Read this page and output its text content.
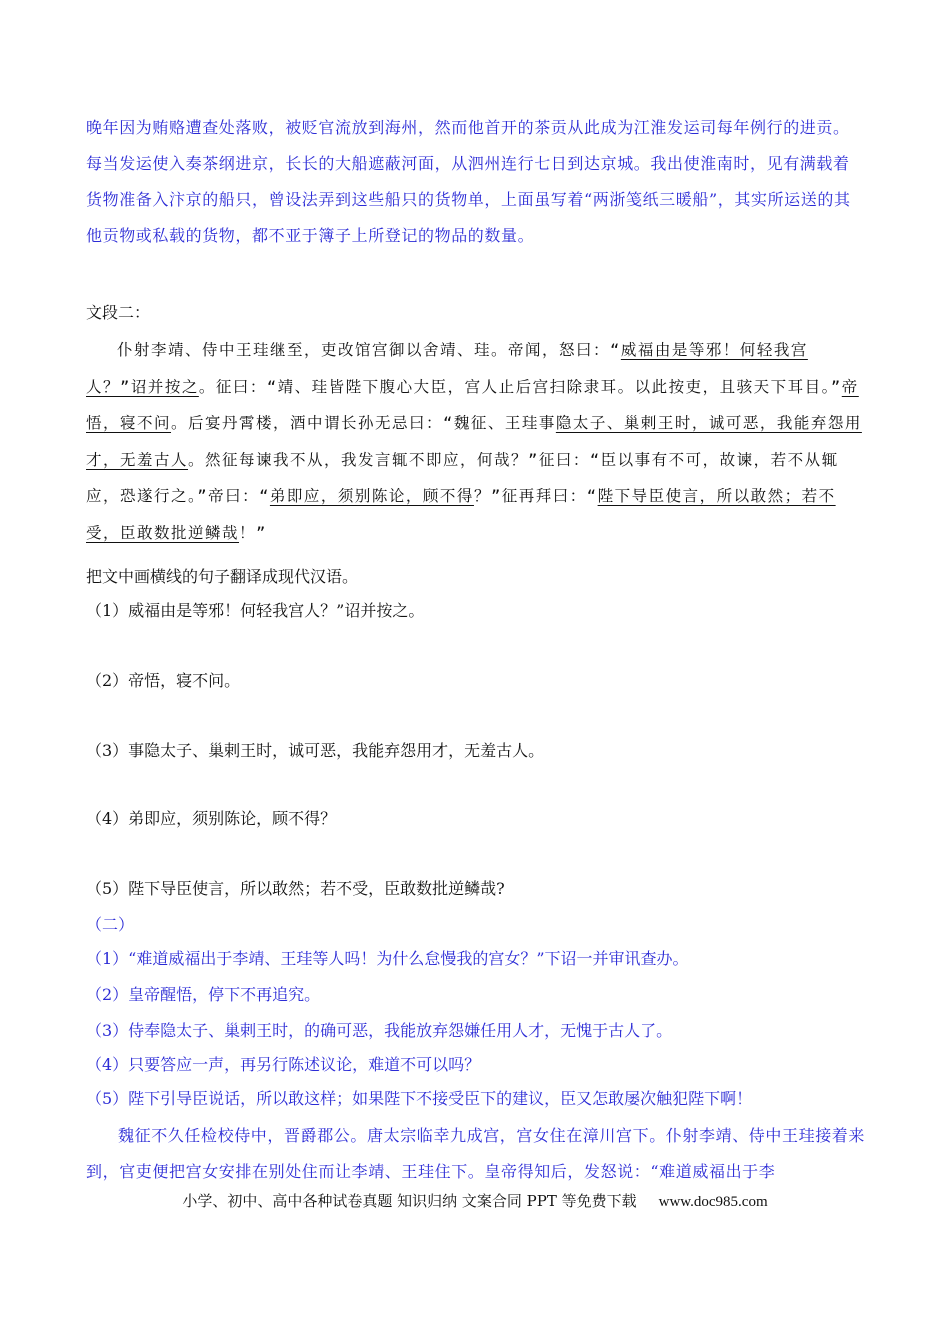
晚年因为贿赂遭查处落败，被贬官流放到海州，然而他首开的茶贡从此成为江淮发运司每年例行的进贡。每当发运使入奏茶纲进京，长长的大船遮蔽河面，从泗州连行七日到达京城。我出使淮南时，见有满载着货物准备入汴京的船只，曾设法弄到这些船只的货物单，上面虽写着“两浙笺纸三暖船”，其实所运送的其他贡物或私载的货物，都不亚于簿子上所登记的物品的数量。
文段二：
仆射李靖、侍中王珪继至，吏改馆宫御以舍靖、珪。帝闻，怒曰：“威福由是等邪！何轻我宫人？”诏并按之。征曰：“靖、珪皆陛下腹心大臣，宫人止后宫扫除隶耳。以此按吏，且骇天下耳目。”帝悟，寝不问。后宴丹霄楼，酒中谓长孙无忌曰：“魏征、王珪事隐太子、巢剌王时，诚可恶，我能弃怨用才，无羞古人。然征每谏我不从，我发言辄不即应，何哉？”征曰：“臣以事有不可，故谏，若不从辄应，恐遂行之。”帝曰：“弟即应，须别陈论，顾不得？”征再拜曰：“陛下导臣使言，所以敢然；若不受，臣敢数批逆鳞哉！”
把文中画横线的句子翻译成现代汉语。
（1）威福由是等邪！何轻我宫人？”诏并按之。
（2）帝悟，寝不问。
（3）事隐太子、巢剌王时，诚可恶，我能弃怨用才，无羞古人。
（4）弟即应，须别陈论，顾不得？
（5）陛下导臣使言，所以敢然；若不受，臣敢数批逆鳞哉?
（二）
（1）“难道威福出于李靖、王珪等人吗！为什么怠慢我的宫女？”下诏一并审讯查办。
（2）皇帝醒悟，停下不再追究。
（3）侍奉隐太子、巢剌王时，的确可恶，我能放弃怨嫌任用人才，无愧于古人了。
（4）只要答应一声，再另行陈述议论，难道不可以吗？
（5）陛下引导臣说话，所以敢这样；如果陛下不接受臣下的建议，臣又怎敢屡次触犯陛下啊！
魏征不久任检校侍中，晋爵郡公。唐太宗临幸九成宫，宫女住在漳川宫下。仆射李靖、侍中王珪接着来到，官吏便把宫女安排在别处住而让李靖、王珪住下。皇帝得知后，发怒说：“难道威福出于李
小学、初中、高中各种试卷真题 知识归纳 文案合同 PPT 等免费下载 www.doc985.com
